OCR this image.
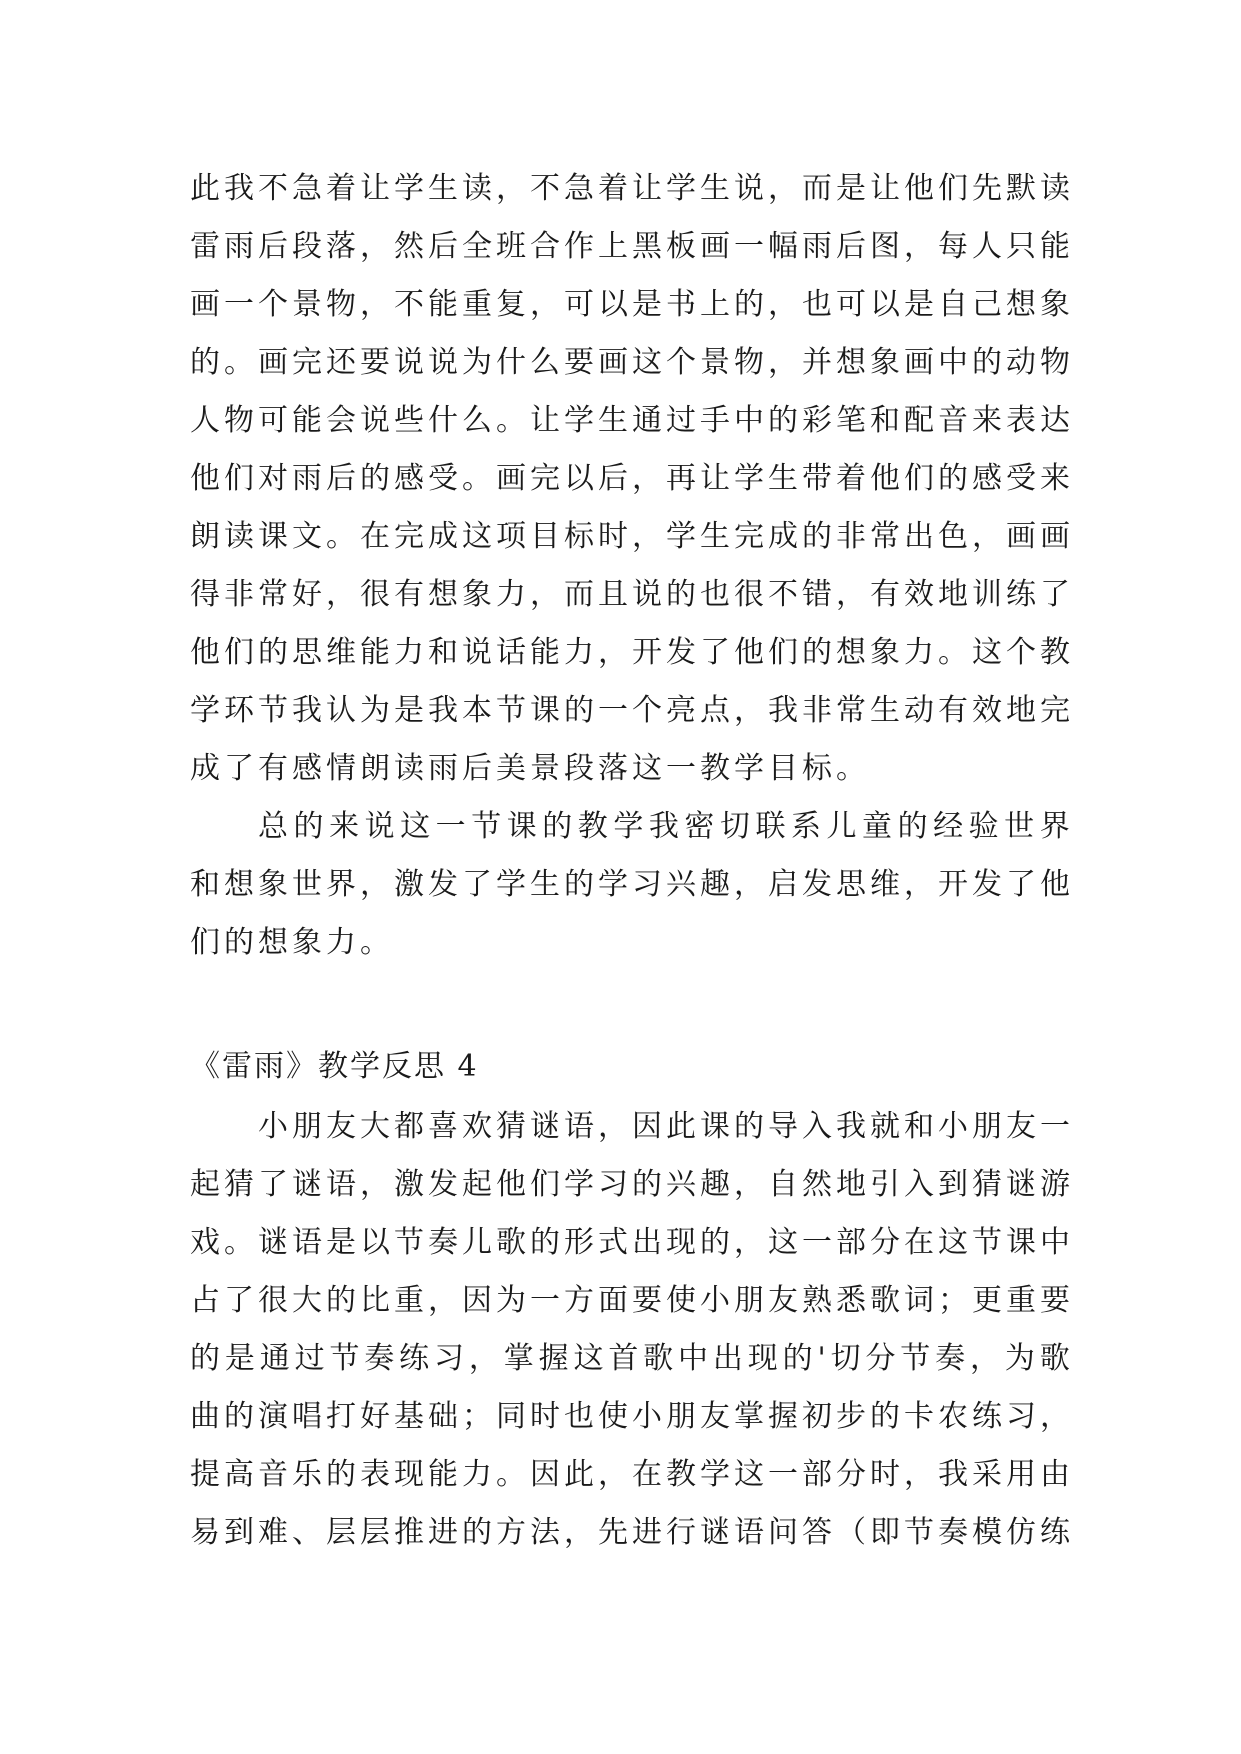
此 我 不 急 着 让 学 生 读 ， 不 急 着 让 学 生 说 ， 而 是 让 他 们 先 默 读
雷 雨 后 段 落 ， 然 后 全 班 合 作 上 黑 板 画 一 幅 雨 后 图 ， 每 人 只 能
画 一 个 景 物 ， 不 能 重 复 ， 可 以 是 书 上 的 ， 也 可 以 是 自 己 想 象
的 。 画 完 还 要 说 说 为 什 么 要 画 这 个 景 物 ， 并 想 象 画 中 的 动 物
人 物 可 能 会 说 些 什 么 。 让 学 生 通 过 手 中 的 彩 笔 和 配 音 来 表 达
他 们 对 雨 后 的 感 受 。 画 完 以 后 ， 再 让 学 生 带 着 他 们 的 感 受 来
朗 读 课 文 。 在 完 成 这 项 目 标 时 ， 学 生 完 成 的 非 常 出 色 ， 画 画
得 非 常 好 ， 很 有 想 象 力 ， 而 且 说 的 也 很 不 错 ， 有 效 地 训 练 了
他 们 的 思 维 能 力 和 说 话 能 力 ， 开 发 了 他 们 的 想 象 力 。 这 个 教
学 环 节 我 认 为 是 我 本 节 课 的 一 个 亮 点 ， 我 非 常 生 动 有 效 地 完
成了有感情朗读雨后美景段落这一教学目标。
总 的 来 说 这 一 节 课 的 教 学 我 密 切 联 系 儿 童 的 经 验 世 界
和 想 象 世 界 ， 激 发 了 学 生 的 学 习 兴 趣 ， 启 发 思 维 ， 开 发 了 他
们的想象力。
《雷雨》教学反思 4
小 朋 友 大 都 喜 欢 猜 谜 语 ， 因 此 课 的 导 入 我 就 和 小 朋 友 一
起 猜 了 谜 语 ， 激 发 起 他 们 学 习 的 兴 趣 ， 自 然 地 引 入 到 猜 谜 游
戏 。 谜 语 是 以 节 奏 儿 歌 的 形 式 出 现 的 ， 这 一 部 分 在 这 节 课 中
占 了 很 大 的 比 重 ， 因 为 一 方 面 要 使 小 朋 友 熟 悉 歌 词 ； 更 重 要
的 是 通 过 节 奏 练 习 ， 掌 握 这 首 歌 中 出 现 的 ' 切 分 节 奏 ， 为 歌
曲 的 演 唱 打 好 基 础 ； 同 时 也 使 小 朋 友 掌 握 初 步 的 卡 农 练 习 ，
提 高 音 乐 的 表 现 能 力 。 因 此 ， 在 教 学 这 一 部 分 时 ， 我 采 用 由
易 到 难 、 层 层 推 进 的 方 法 ， 先 进 行 谜 语 问 答 （ 即 节 奏 模 仿 练
